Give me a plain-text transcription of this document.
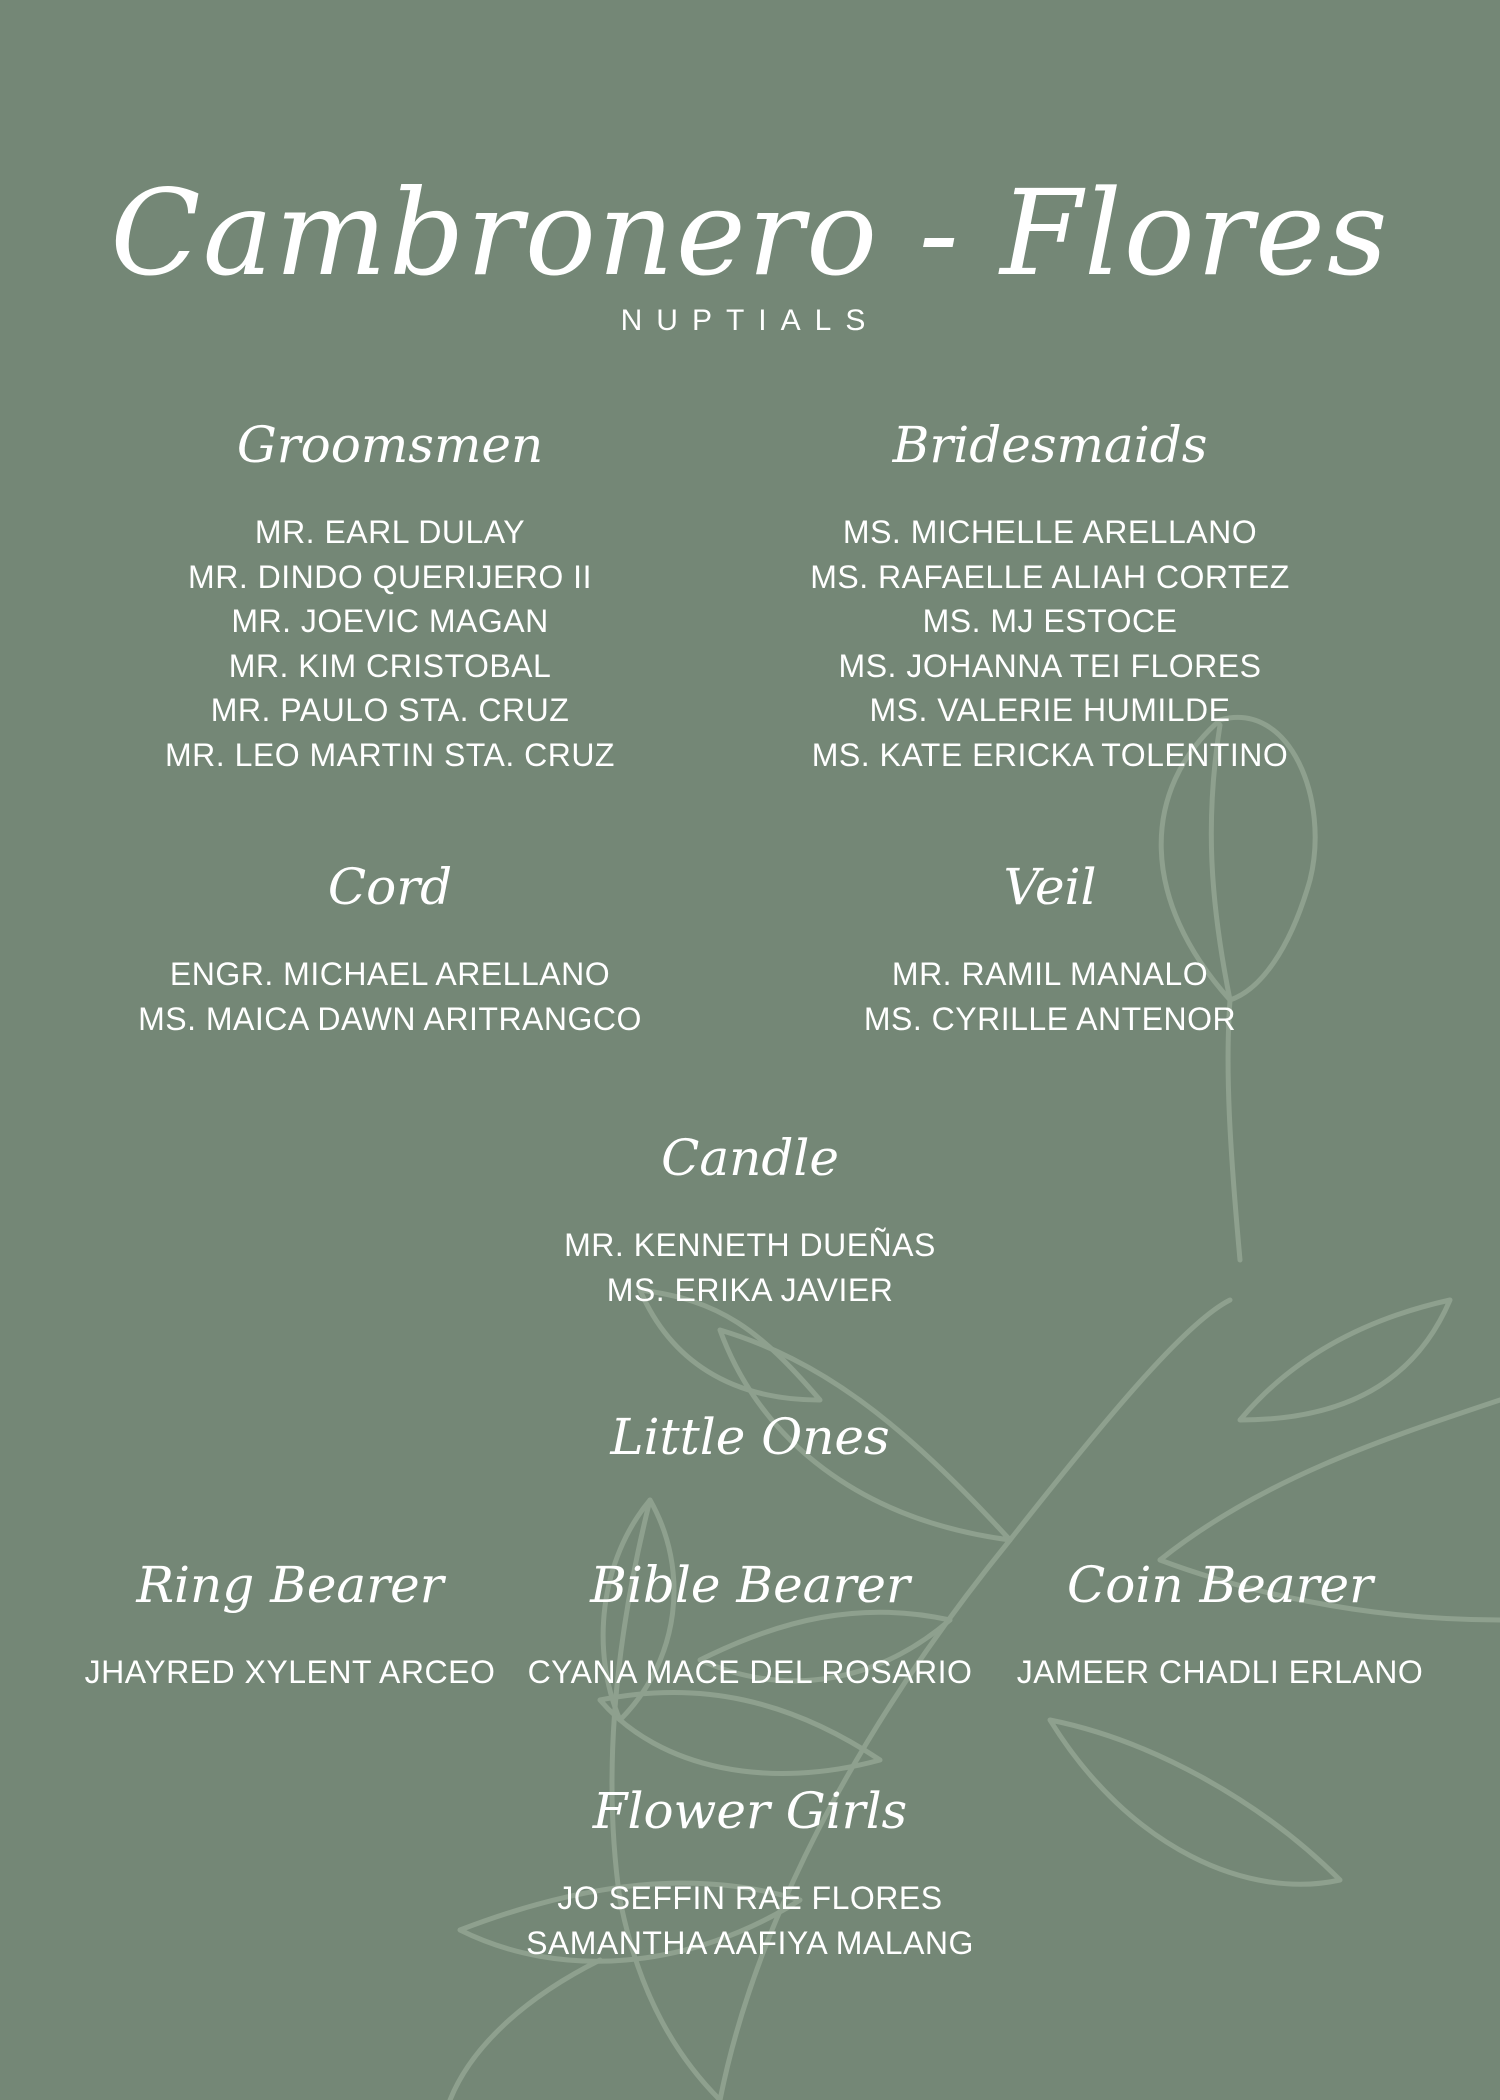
Cambronero - Flores
NUPTIALS
Groomsmen
MR. EARL DULAY
MR. DINDO QUERIJERO II
MR. JOEVIC MAGAN
MR. KIM CRISTOBAL
MR. PAULO STA. CRUZ
MR. LEO MARTIN STA. CRUZ
Bridesmaids
MS. MICHELLE ARELLANO
MS. RAFAELLE ALIAH CORTEZ
MS. MJ ESTOCE
MS. JOHANNA TEI FLORES
MS. VALERIE HUMILDE
MS. KATE ERICKA TOLENTINO
Cord
ENGR. MICHAEL ARELLANO
MS. MAICA DAWN ARITRANGCO
Veil
MR. RAMIL MANALO
MS. CYRILLE ANTENOR
Candle
MR. KENNETH DUEÑAS
MS. ERIKA JAVIER
Little Ones
Ring Bearer
JHAYRED XYLENT ARCEO
Bible Bearer
CYANA MACE DEL ROSARIO
Coin Bearer
JAMEER CHADLI ERLANO
Flower Girls
JO SEFFIN RAE FLORES
SAMANTHA AAFIYA MALANG
